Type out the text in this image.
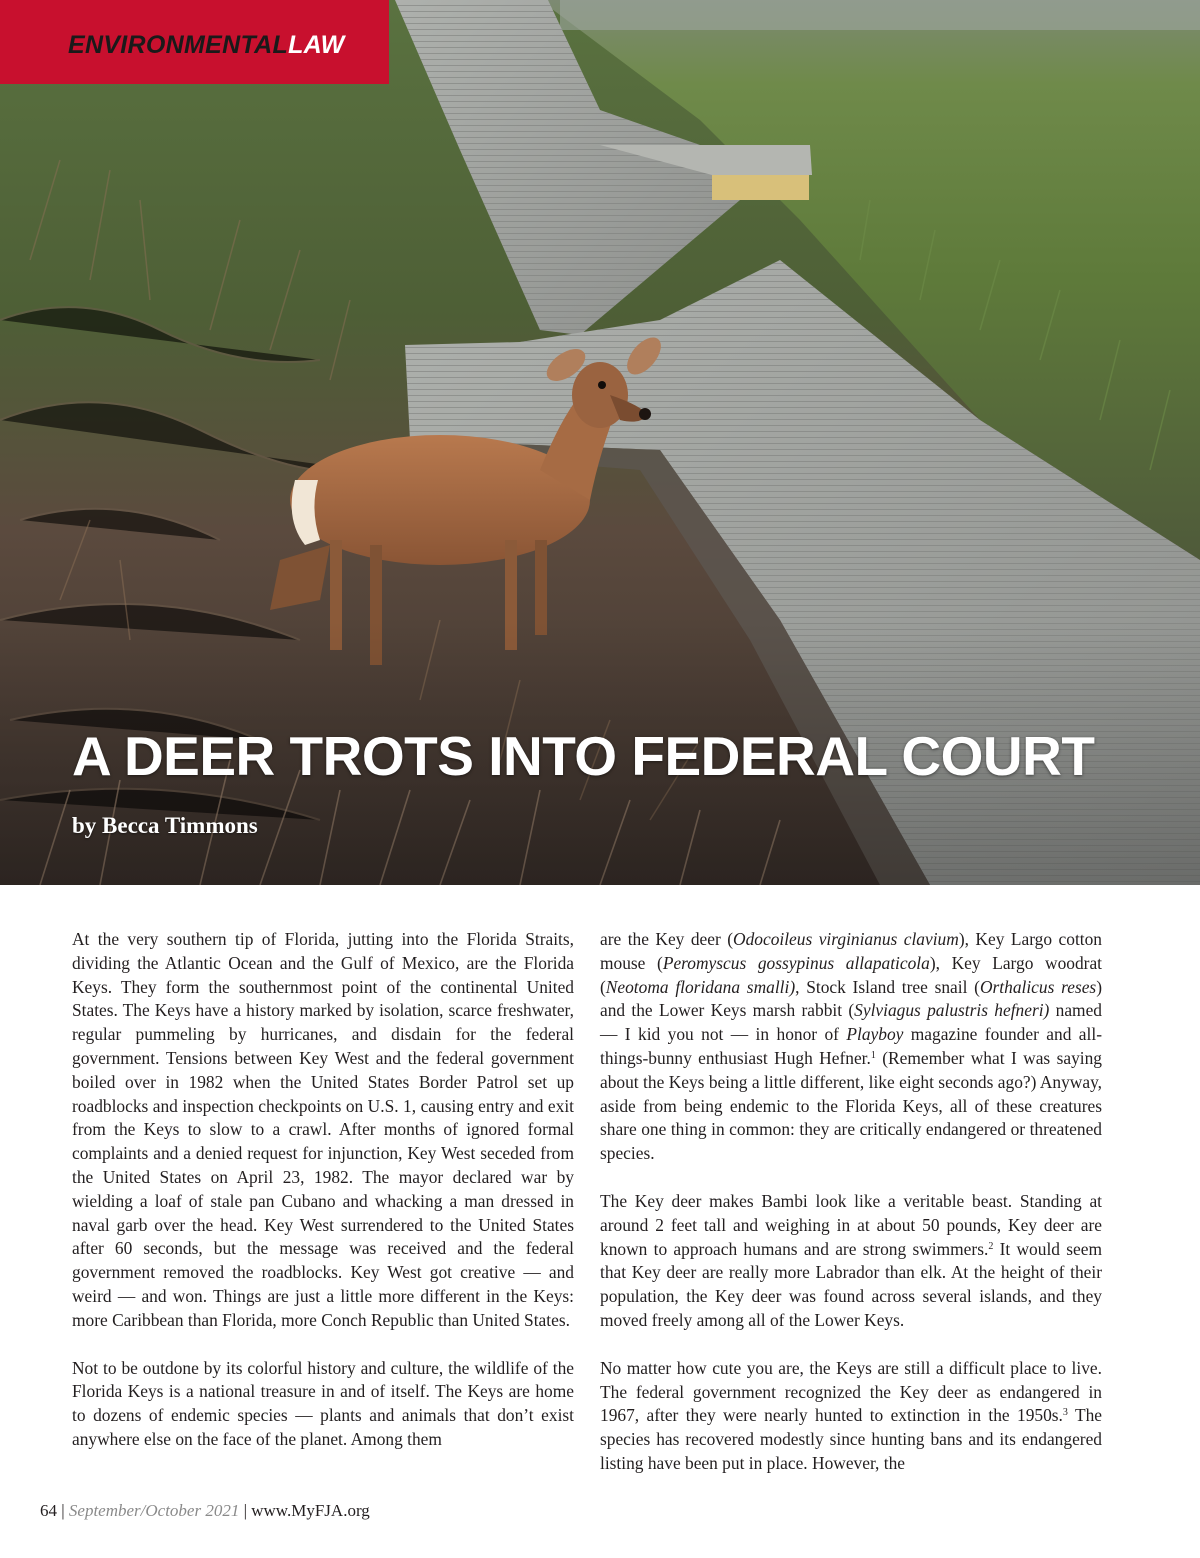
ENVIRONMENTALLAW
A DEER TROTS INTO FEDERAL COURT
by Becca Timmons

At the very southern tip of Florida, jutting into the Florida Straits, dividing the Atlantic Ocean and the Gulf of Mexico, are the Florida Keys. They form the southernmost point of the continental United States. The Keys have a history marked by isolation, scarce freshwater, regular pummeling by hurricanes, and disdain for the federal government. Tensions between Key West and the federal government boiled over in 1982 when the United States Border Patrol set up roadblocks and inspection checkpoints on U.S. 1, causing entry and exit from the Keys to slow to a crawl. After months of ignored formal complaints and a denied request for injunction, Key West seceded from the United States on April 23, 1982. The mayor declared war by wielding a loaf of stale pan Cubano and whacking a man dressed in naval garb over the head. Key West surrendered to the United States after 60 seconds, but the message was received and the federal government removed the roadblocks. Key West got creative — and weird — and won. Things are just a little more different in the Keys: more Caribbean than Florida, more Conch Republic than United States.

Not to be outdone by its colorful history and culture, the wildlife of the Florida Keys is a national treasure in and of itself. The Keys are home to dozens of endemic species — plants and animals that don’t exist anywhere else on the face of the planet. Among them

are the Key deer (Odocoileus virginianus clavium), Key Largo cotton mouse (Peromyscus gossypinus allapaticola), Key Largo woodrat (Neotoma floridana smalli), Stock Island tree snail (Orthalicus reses) and the Lower Keys marsh rabbit (Sylviagus palustris hefneri) named — I kid you not — in honor of Playboy magazine founder and all-things-bunny enthusiast Hugh Hefner.$^1$ (Remember what I was saying about the Keys being a little different, like eight seconds ago?) Anyway, aside from being endemic to the Florida Keys, all of these creatures share one thing in common: they are critically endangered or threatened species.

The Key deer makes Bambi look like a veritable beast. Standing at around 2 feet tall and weighing in at about 50 pounds, Key deer are known to approach humans and are strong swimmers.$^2$ It would seem that Key deer are really more Labrador than elk. At the height of their population, the Key deer was found across several islands, and they moved freely among all of the Lower Keys.

No matter how cute you are, the Keys are still a difficult place to live. The federal government recognized the Key deer as endangered in 1967, after they were nearly hunted to extinction in the 1950s.$^3$ The species has recovered modestly since hunting bans and its endangered listing have been put in place. However, the

64 | September/October 2021 | www.MyFJA.org
